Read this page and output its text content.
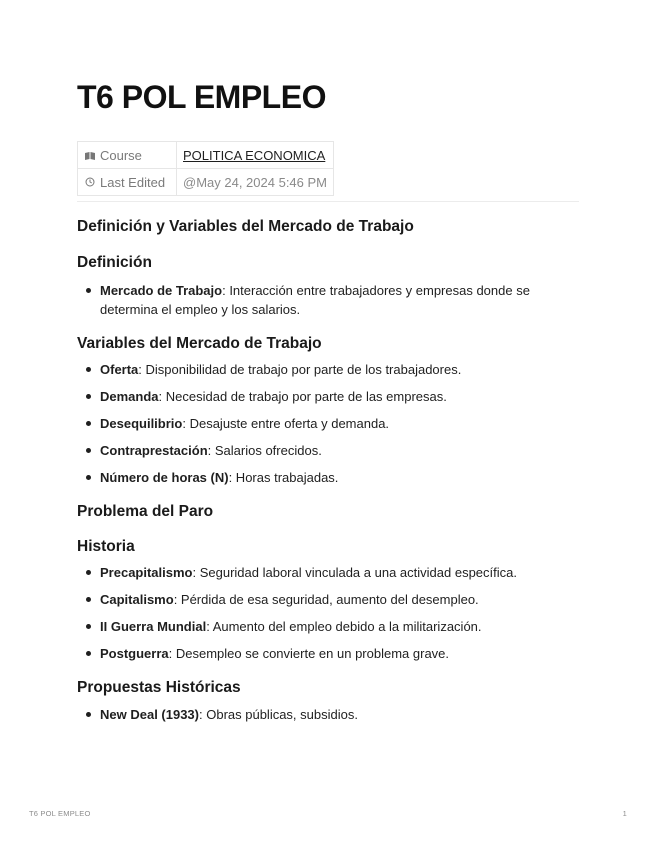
T6 POL EMPLEO
Course	POLITICA ECONOMICA
Last Edited	@May 24, 2024 5:46 PM
Definición y Variables del Mercado de Trabajo
Definición
Mercado de Trabajo: Interacción entre trabajadores y empresas donde se determina el empleo y los salarios.
Variables del Mercado de Trabajo
Oferta: Disponibilidad de trabajo por parte de los trabajadores.
Demanda: Necesidad de trabajo por parte de las empresas.
Desequilibrio: Desajuste entre oferta y demanda.
Contraprestación: Salarios ofrecidos.
Número de horas (N): Horas trabajadas.
Problema del Paro
Historia
Precapitalismo: Seguridad laboral vinculada a una actividad específica.
Capitalismo: Pérdida de esa seguridad, aumento del desempleo.
II Guerra Mundial: Aumento del empleo debido a la militarización.
Postguerra: Desempleo se convierte en un problema grave.
Propuestas Históricas
New Deal (1933): Obras públicas, subsidios.
T6 POL EMPLEO	1
